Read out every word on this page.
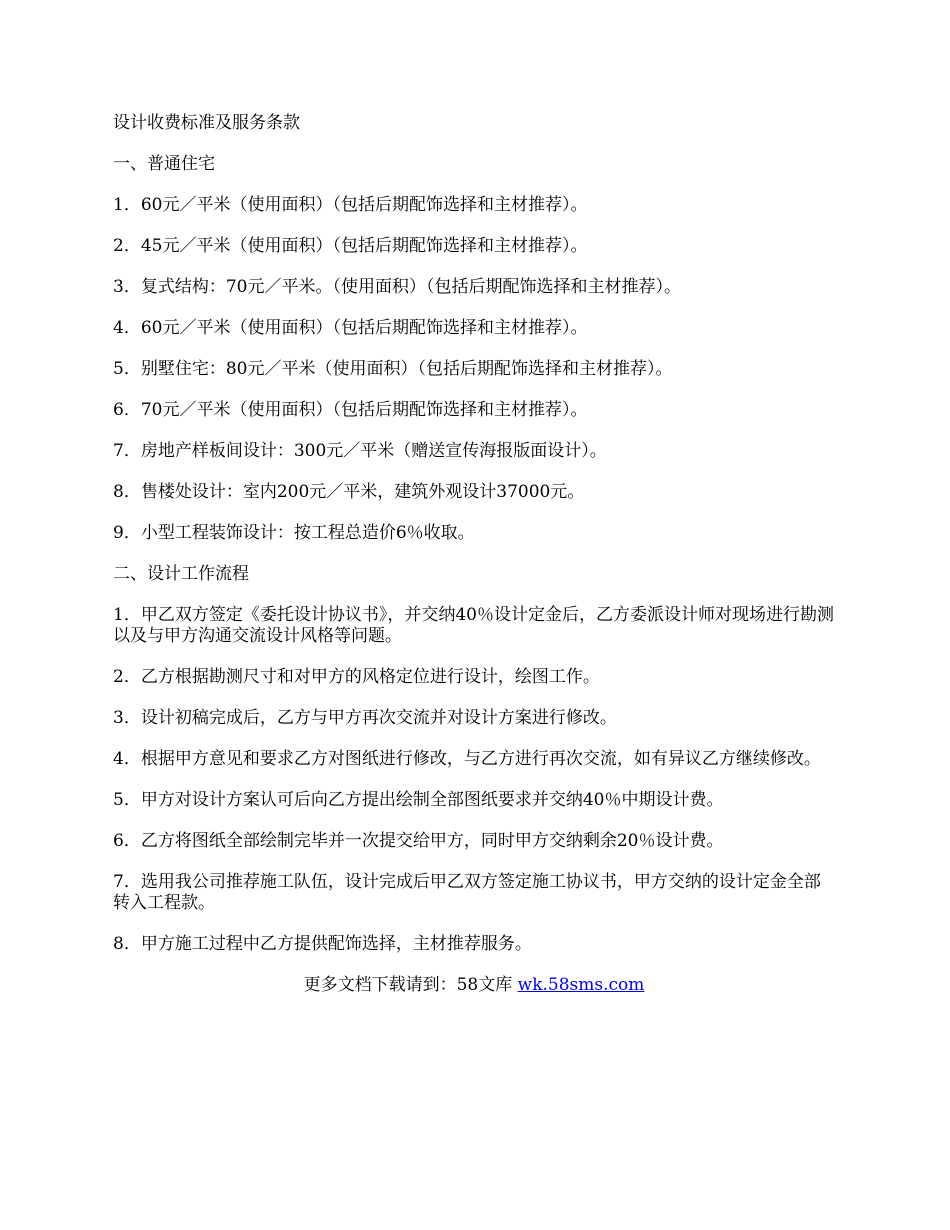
设计收费标准及服务条款

一、普通住宅

1．60元／平米（使用面积）（包括后期配饰选择和主材推荐）。

2．45元／平米（使用面积）（包括后期配饰选择和主材推荐）。

3．复式结构：70元／平米。（使用面积）（包括后期配饰选择和主材推荐）。

4．60元／平米（使用面积）（包括后期配饰选择和主材推荐）。

5．别墅住宅：80元／平米（使用面积）（包括后期配饰选择和主材推荐）。

6．70元／平米（使用面积）（包括后期配饰选择和主材推荐）。

7．房地产样板间设计：300元／平米（赠送宣传海报版面设计）。

8．售楼处设计：室内200元／平米，建筑外观设计37000元。

9．小型工程装饰设计：按工程总造价6％收取。

二、设计工作流程

1．甲乙双方签定《委托设计协议书》，并交纳40％设计定金后，乙方委派设计师对现场进行勘测以及与甲方沟通交流设计风格等问题。

2．乙方根据勘测尺寸和对甲方的风格定位进行设计，绘图工作。

3．设计初稿完成后，乙方与甲方再次交流并对设计方案进行修改。

4．根据甲方意见和要求乙方对图纸进行修改，与乙方进行再次交流，如有异议乙方继续修改。

5．甲方对设计方案认可后向乙方提出绘制全部图纸要求并交纳40％中期设计费。

6．乙方将图纸全部绘制完毕并一次提交给甲方，同时甲方交纳剩余20％设计费。

7．选用我公司推荐施工队伍，设计完成后甲乙双方签定施工协议书，甲方交纳的设计定金全部转入工程款。

8．甲方施工过程中乙方提供配饰选择，主材推荐服务。

更多文档下载请到：58文库 wk.58sms.com
